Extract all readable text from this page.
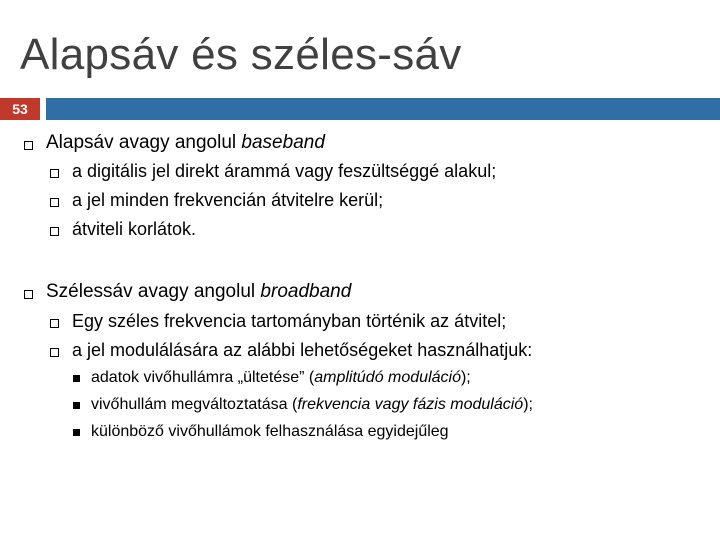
Alapsáv és széles-sáv
53
Alapsáv avagy angolul baseband
a digitális jel direkt árammá vagy feszültséggé alakul;
a jel minden frekvencián átvitelre kerül;
átviteli korlátok.
Szélessáv avagy angolul broadband
Egy széles frekvencia tartományban történik az átvitel;
a jel modulálására az alábbi lehetőségeket használhatjuk:
adatok vivőhullámra „ültetése” (amplitúdó moduláció);
vivőhullám megváltoztatása (frekvencia vagy fázis moduláció);
különböző vivőhullámok felhasználása egyidejűleg
